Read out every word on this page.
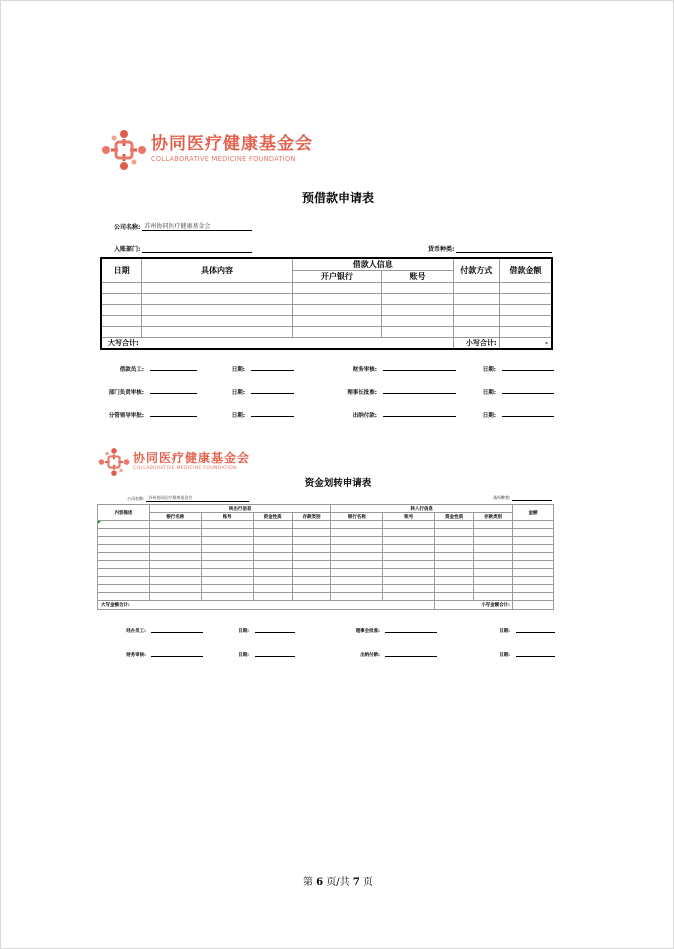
协同医疗健康基金会
COLLABORATIVE MEDICINE FOUNDATION
预借款申请表
公司名称: 苏州协同医疗健康基金会
入账部门:	货币种类:
日期	具体内容	借款人信息		付款方式	借款金额
		开户银行	账号		

大写合计:				小写合计:	-
借款员工:	日期:	财务审核:	日期:
部门负责审核:	日期:	理事长批准:	日期:
分管领导审批:	日期:	出纳付款:	日期:
协同医疗健康基金会
COLLABORATIVE MEDICINE FOUNDATION
资金划转申请表
公司名称:	苏州协同医疗健康基金会	货币种类:
内容描述	转出行信息				转入行信息				金额
	银行名称	账号	资金性质	存款类别	银行名称	账号	资金性质	存款类别	

大写金额合计:							小写金额合计:		
经办员工:	日期:	理事会批准:	日期:
财务审核:	日期:	出纳付款:	日期:
第 6 页/共 7 页
